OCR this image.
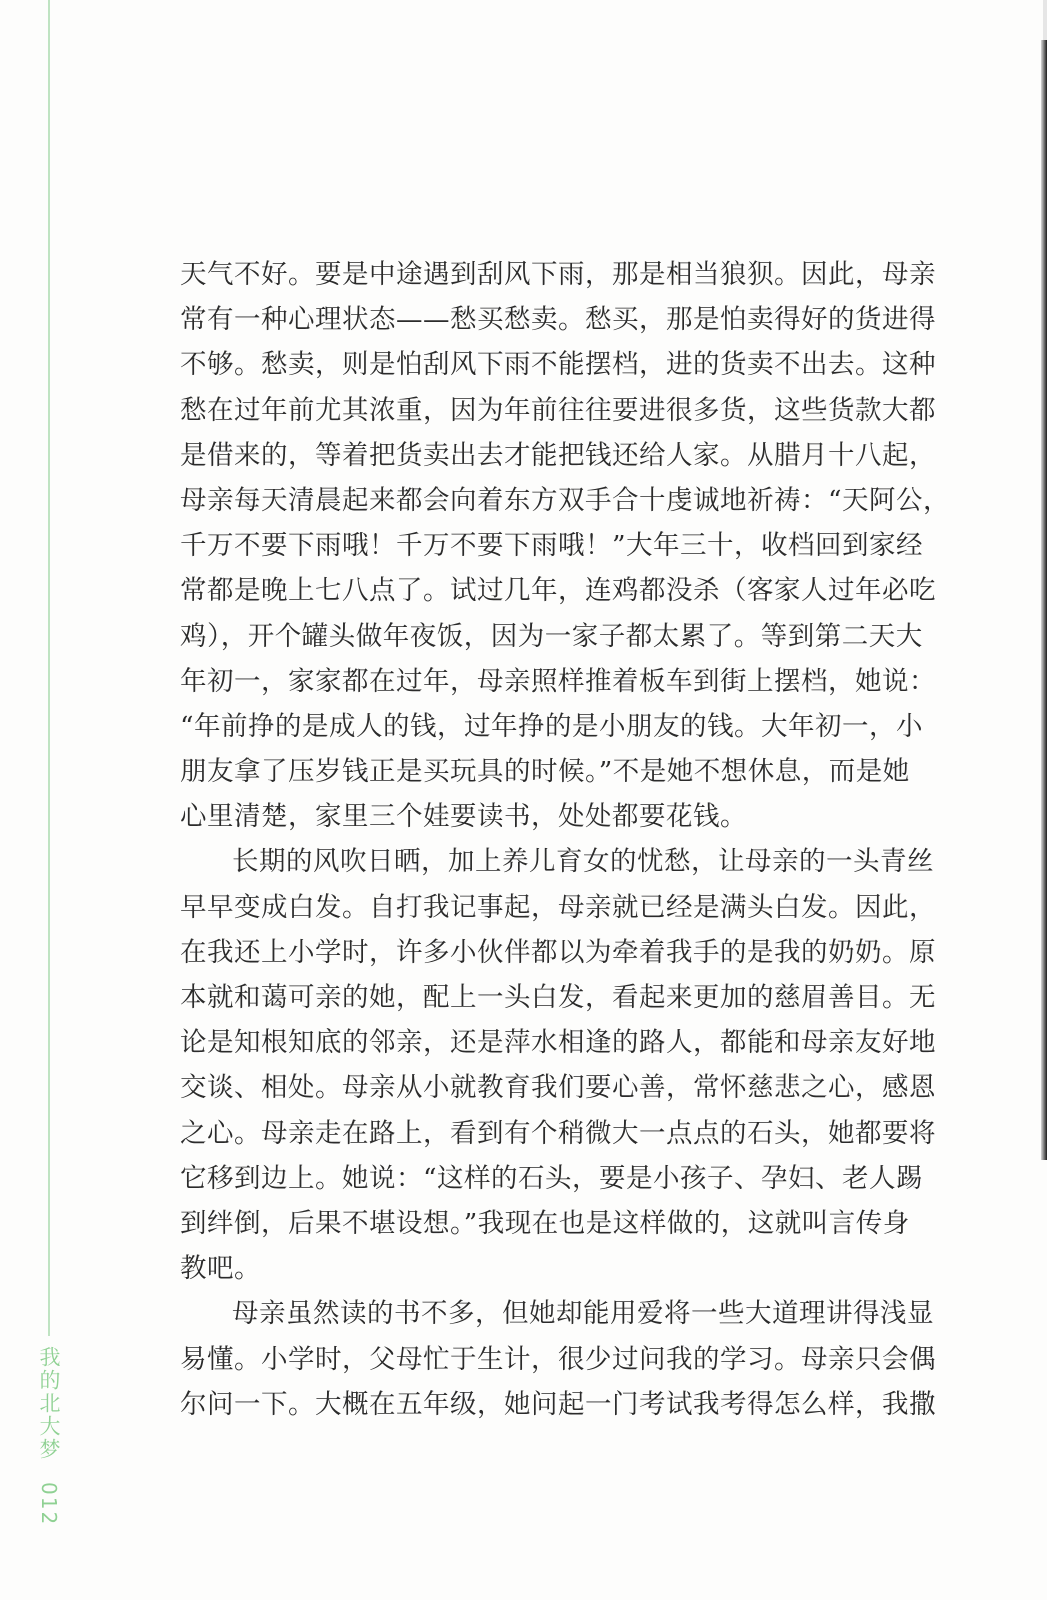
天气不好。要是中途遇到刮风下雨，那是相当狼狈。因此，母亲
常有一种心理状态——愁买愁卖。愁买，那是怕卖得好的货进得
不够。愁卖，则是怕刮风下雨不能摆档，进的货卖不出去。这种
愁在过年前尤其浓重，因为年前往往要进很多货，这些货款大都
是借来的，等着把货卖出去才能把钱还给人家。从腊月十八起，
母亲每天清晨起来都会向着东方双手合十虔诚地祈祷：“天阿公，
千万不要下雨哦！千万不要下雨哦！”大年三十，收档回到家经
常都是晚上七八点了。试过几年，连鸡都没杀（客家人过年必吃
鸡），开个罐头做年夜饭，因为一家子都太累了。等到第二天大
年初一，家家都在过年，母亲照样推着板车到街上摆档，她说：
“年前挣的是成人的钱，过年挣的是小朋友的钱。大年初一，小
朋友拿了压岁钱正是买玩具的时候。”不是她不想休息，而是她
心里清楚，家里三个娃要读书，处处都要花钱。
长期的风吹日晒，加上养儿育女的忧愁，让母亲的一头青丝
早早变成白发。自打我记事起，母亲就已经是满头白发。因此，
在我还上小学时，许多小伙伴都以为牵着我手的是我的奶奶。原
本就和蔼可亲的她，配上一头白发，看起来更加的慈眉善目。无
论是知根知底的邻亲，还是萍水相逢的路人，都能和母亲友好地
交谈、相处。母亲从小就教育我们要心善，常怀慈悲之心，感恩
之心。母亲走在路上，看到有个稍微大一点点的石头，她都要将
它移到边上。她说：“这样的石头，要是小孩子、孕妇、老人踢
到绊倒，后果不堪设想。”我现在也是这样做的，这就叫言传身
教吧。
母亲虽然读的书不多，但她却能用爱将一些大道理讲得浅显
易懂。小学时，父母忙于生计，很少过问我的学习。母亲只会偶
尔问一下。大概在五年级，她问起一门考试我考得怎么样，我撒
我的北大梦 012
